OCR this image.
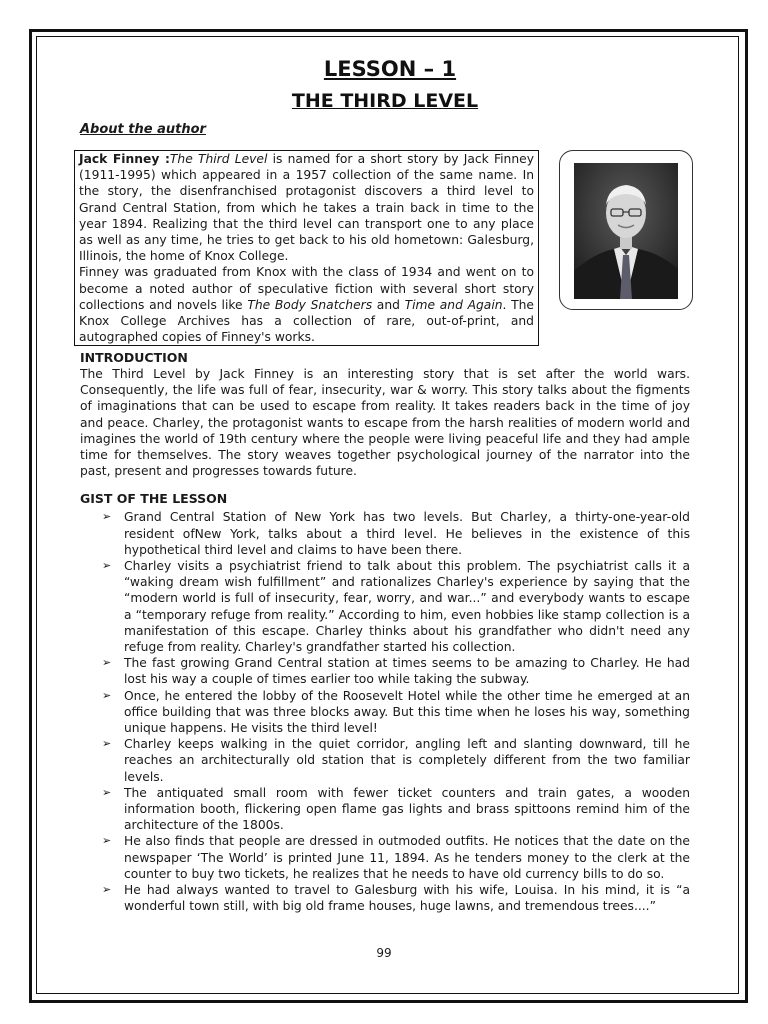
LESSON – 1
THE THIRD LEVEL
About the author

Jack Finney :The Third Level is named for a short story by Jack Finney (1911-1995) which appeared in a 1957 collection of the same name. In the story, the disenfranchised protagonist discovers a third level to Grand Central Station, from which he takes a train back in time to the year 1894. Realizing that the third level can transport one to any place as well as any time, he tries to get back to his old hometown: Galesburg, Illinois, the home of Knox College.

Finney was graduated from Knox with the class of 1934 and went on to become a noted author of speculative fiction with several short story collections and novels like The Body Snatchers and Time and Again. The Knox College Archives has a collection of rare, out-of-print, and autographed copies of Finney's works.

INTRODUCTION

The Third Level by Jack Finney is an interesting story that is set after the world wars. Consequently, the life was full of fear, insecurity, war & worry. This story talks about the figments of imaginations that can be used to escape from reality. It takes readers back in the time of joy and peace. Charley, the protagonist wants to escape from the harsh realities of modern world and imagines the world of 19th century where the people were living peaceful life and they had ample time for themselves. The story weaves together psychological journey of the narrator into the past, present and progresses towards future.

GIST OF THE LESSON
➢ Grand Central Station of New York has two levels. But Charley, a thirty-one-year-old resident ofNew York, talks about a third level. He believes in the existence of this hypothetical third level and claims to have been there.
➢ Charley visits a psychiatrist friend to talk about this problem. The psychiatrist calls it a “waking dream wish fulfillment” and rationalizes Charley's experience by saying that the “modern world is full of insecurity, fear, worry, and war...” and everybody wants to escape a “temporary refuge from reality.” According to him, even hobbies like stamp collection is a manifestation of this escape. Charley thinks about his grandfather who didn't need any refuge from reality. Charley's grandfather started his collection.
➢ The fast growing Grand Central station at times seems to be amazing to Charley. He had lost his way a couple of times earlier too while taking the subway.
➢ Once, he entered the lobby of the Roosevelt Hotel while the other time he emerged at an office building that was three blocks away. But this time when he loses his way, something unique happens. He visits the third level!
➢ Charley keeps walking in the quiet corridor, angling left and slanting downward, till he reaches an architecturally old station that is completely different from the two familiar levels.
➢ The antiquated small room with fewer ticket counters and train gates, a wooden information booth, flickering open flame gas lights and brass spittoons remind him of the architecture of the 1800s.
➢ He also finds that people are dressed in outmoded outfits. He notices that the date on the newspaper ‘The World’ is printed June 11, 1894. As he tenders money to the clerk at the counter to buy two tickets, he realizes that he needs to have old currency bills to do so.
➢ He had always wanted to travel to Galesburg with his wife, Louisa. In his mind, it is “a wonderful town still, with big old frame houses, huge lawns, and tremendous trees....”
99
